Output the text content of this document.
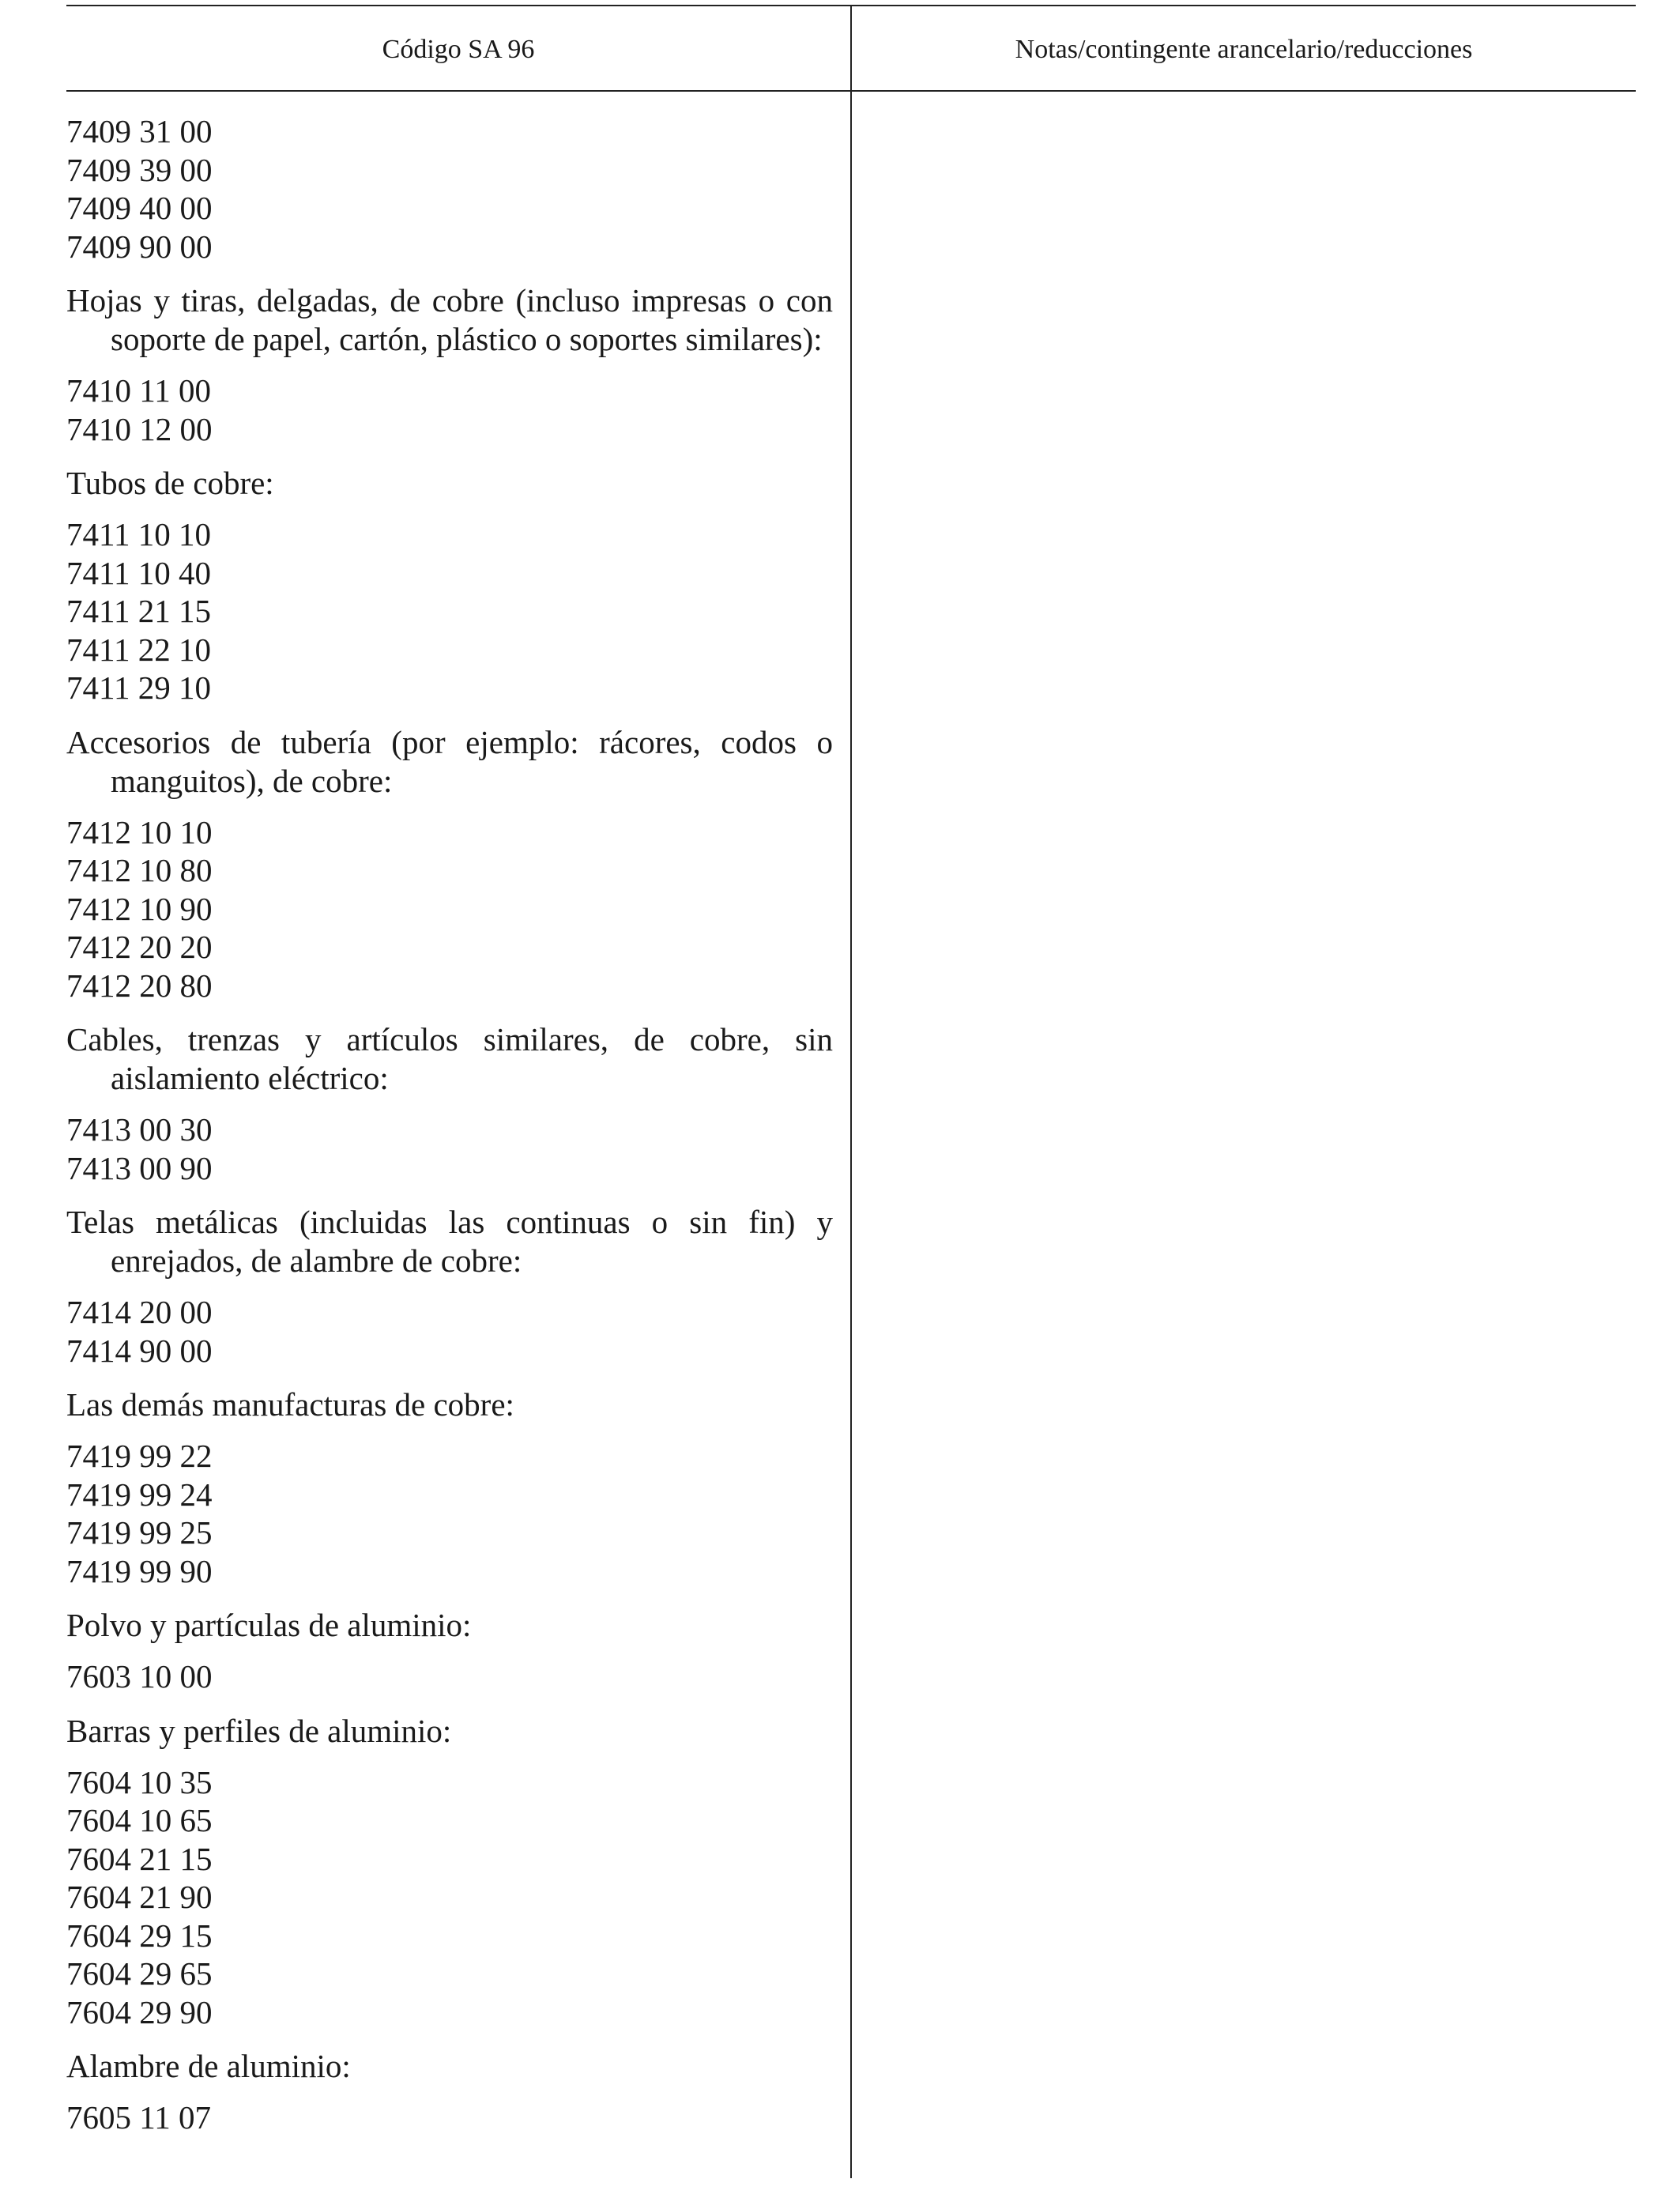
Código SA 96	Notas/contingente arancelario/reducciones
7409 31 00
7409 39 00
7409 40 00
7409 90 00
Hojas y tiras, delgadas, de cobre (incluso impresas o con soporte de papel, cartón, plástico o soportes similares):
7410 11 00
7410 12 00
Tubos de cobre:
7411 10 10
7411 10 40
7411 21 15
7411 22 10
7411 29 10
Accesorios de tubería (por ejemplo: rácores, codos o manguitos), de cobre:
7412 10 10
7412 10 80
7412 10 90
7412 20 20
7412 20 80
Cables, trenzas y artículos similares, de cobre, sin aislamiento eléctrico:
7413 00 30
7413 00 90
Telas metálicas (incluidas las continuas o sin fin) y enrejados, de alambre de cobre:
7414 20 00
7414 90 00
Las demás manufacturas de cobre:
7419 99 22
7419 99 24
7419 99 25
7419 99 90
Polvo y partículas de aluminio:
7603 10 00
Barras y perfiles de aluminio:
7604 10 35
7604 10 65
7604 21 15
7604 21 90
7604 29 15
7604 29 65
7604 29 90
Alambre de aluminio:
7605 11 07
